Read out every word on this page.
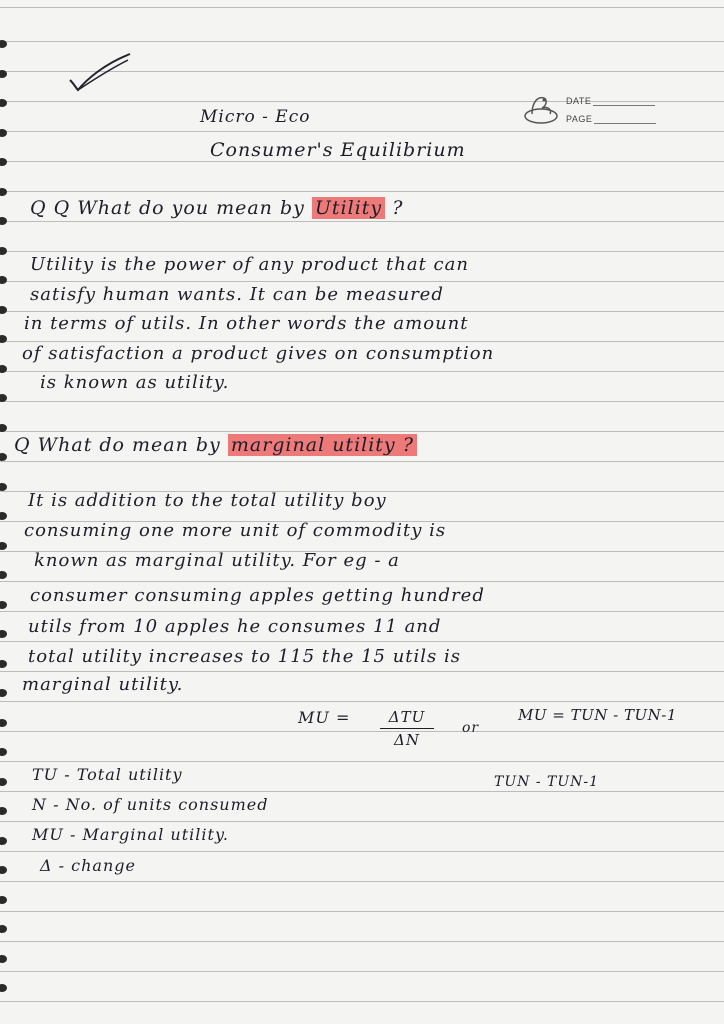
DATE
PAGE
Micro - Eco
Consumer's Equilibrium
Q Q What do you mean by Utility ?
Utility is the power of any product that can
satisfy human wants. It can be measured
in terms of utils. In other words the amount
of satisfaction a product gives on consumption
is known as utility.
Q What do mean by marginal utility ?
It is addition to the total utility boy
consuming one more unit of commodity is
known as marginal utility. For eg - a
consumer consuming apples getting hundred
utils from 10 apples he consumes 11 and
total utility increases to 115 the 15 utils is
marginal utility.
MU =	ΔTU
ΔN
or
MU = TUN - TUN-1
TUN - TUN-1
TU - Total utility
N - No. of units consumed
MU - Marginal utility.
Δ - change
